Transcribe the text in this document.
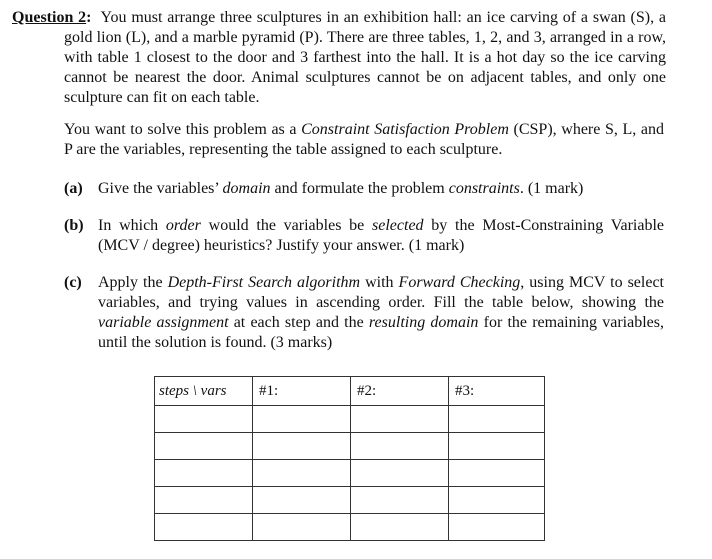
Question 2: You must arrange three sculptures in an exhibition hall: an ice carving of a swan (S), a gold lion (L), and a marble pyramid (P). There are three tables, 1, 2, and 3, arranged in a row, with table 1 closest to the door and 3 farthest into the hall. It is a hot day so the ice carving cannot be nearest the door. Animal sculptures cannot be on adjacent tables, and only one sculpture can fit on each table.

You want to solve this problem as a Constraint Satisfaction Problem (CSP), where S, L, and P are the variables, representing the table assigned to each sculpture.

(a) Give the variables’ domain and formulate the problem constraints. (1 mark)
(b) In which order would the variables be selected by the Most-Constraining Variable (MCV / degree) heuristics? Justify your answer. (1 mark)
(c) Apply the Depth-First Search algorithm with Forward Checking, using MCV to select variables, and trying values in ascending order. Fill the table below, showing the variable assignment at each step and the resulting domain for the remaining variables, until the solution is found. (3 marks)
steps \ vars	#1:	#2:	#3:
